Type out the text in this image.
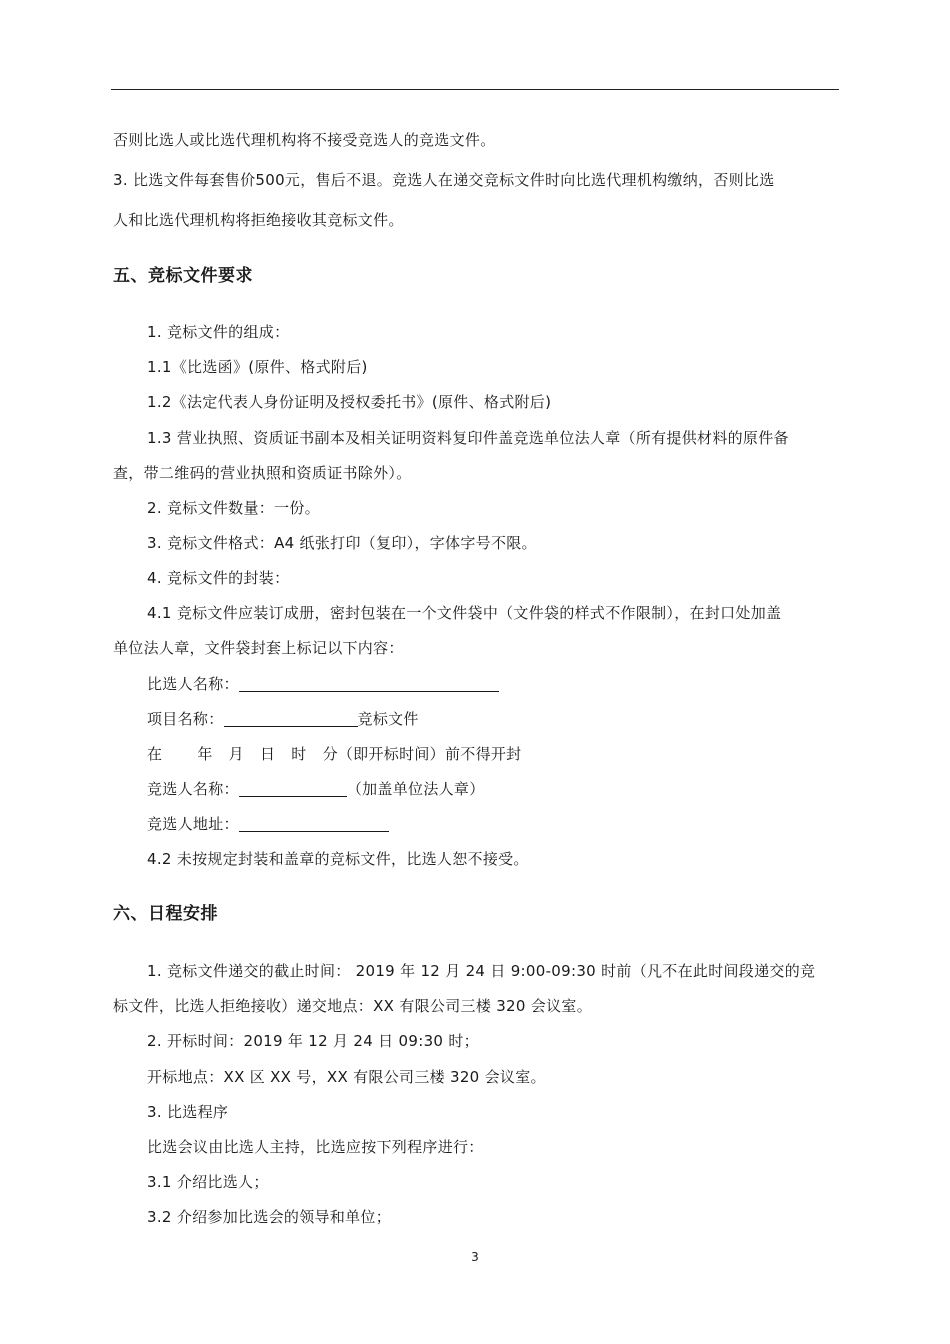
否则比选人或比选代理机构将不接受竞选人的竞选文件。
3. 比选文件每套售价500元，售后不退。竞选人在递交竞标文件时向比选代理机构缴纳，否则比选
人和比选代理机构将拒绝接收其竞标文件。
五、竞标文件要求
1. 竞标文件的组成：
1.1《比选函》(原件、格式附后)
1.2《法定代表人身份证明及授权委托书》(原件、格式附后)
1.3 营业执照、资质证书副本及相关证明资料复印件盖竞选单位法人章（所有提供材料的原件备
查，带二维码的营业执照和资质证书除外）。
2. 竞标文件数量：一份。
3. 竞标文件格式：A4 纸张打印（复印），字体字号不限。
4. 竞标文件的封装：
4.1 竞标文件应装订成册，密封包装在一个文件袋中（文件袋的样式不作限制），在封口处加盖
单位法人章，文件袋封套上标记以下内容：
比选人名称：
项目名称：	竞标文件
在 年 月 日 时 分（即开标时间）前不得开封
竞选人名称：	（加盖单位法人章）
竞选人地址：
4.2 未按规定封装和盖章的竞标文件，比选人恕不接受。
六、日程安排
1. 竞标文件递交的截止时间： 2019 年 12 月 24 日 9:00-09:30 时前（凡不在此时间段递交的竞
标文件，比选人拒绝接收）递交地点：XX 有限公司三楼 320 会议室。
2. 开标时间：2019 年 12 月 24 日 09:30 时；
开标地点：XX 区 XX 号，XX 有限公司三楼 320 会议室。
3. 比选程序
比选会议由比选人主持，比选应按下列程序进行：
3.1 介绍比选人；
3.2 介绍参加比选会的领导和单位；
3
